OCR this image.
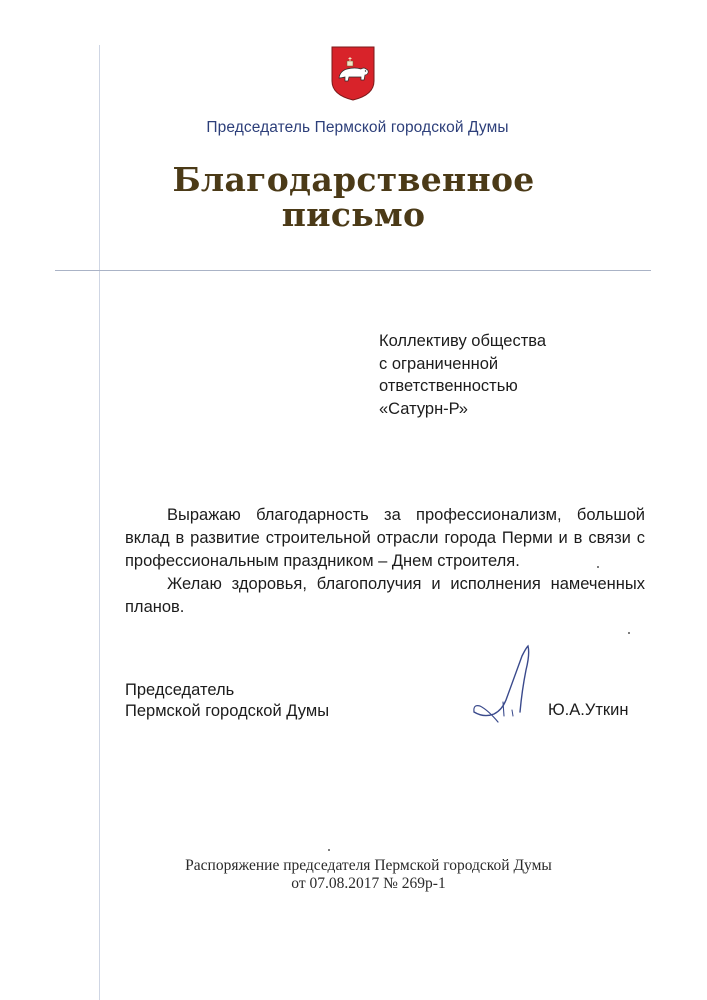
Председатель Пермской городской Думы
Благодарственное
письмо
Коллективу общества
с ограниченной
ответственностью
«Сатурн-Р»

Выражаю благодарность за профессионализм, большой вклад в развитие строительной отрасли города Перми и в связи с профессиональным праздником – Днем строителя.

Желаю здоровья, благополучия и исполнения намеченных планов.

Председатель
Пермской городской Думы	Ю.А.Уткин
Распоряжение председателя Пермской городской Думы
от 07.08.2017 № 269р-1
